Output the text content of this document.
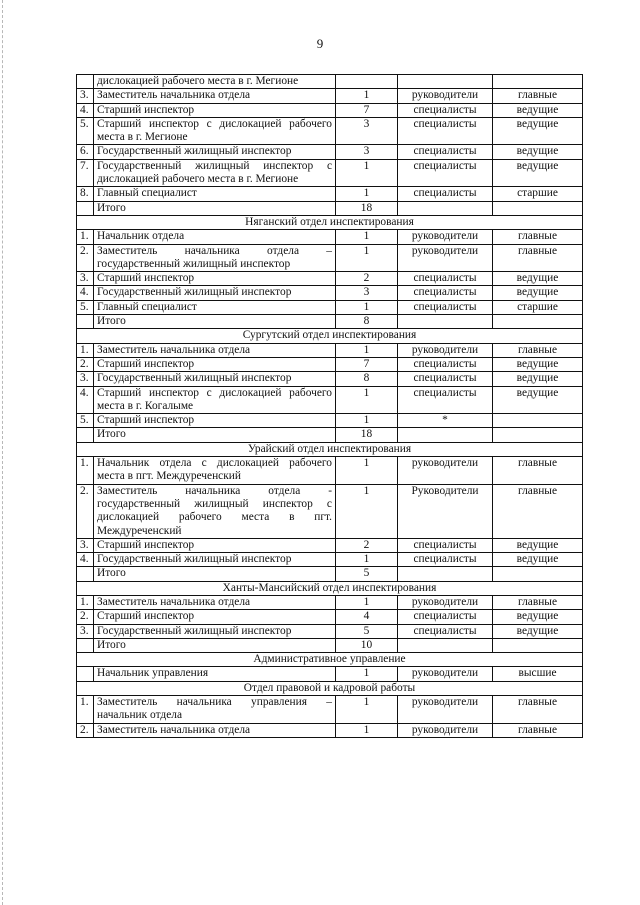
9
	дислокацией рабочего места в г. Мегионе			
3.	Заместитель начальника отдела	1	руководители	главные
4.	Старший инспектор	7	специалисты	ведущие
5.	Старший инспектор с дислокацией рабочего места в г. Мегионе	3	специалисты	ведущие
6.	Государственный жилищный инспектор	3	специалисты	ведущие
7.	Государственный жилищный инспектор с дислокацией рабочего места в г. Мегионе	1	специалисты	ведущие
8.	Главный специалист	1	специалисты	старшие
	Итого	18		
Няганский отдел инспектирования				
1.	Начальник отдела	1	руководители	главные
2.	Заместитель начальника отдела – государственный жилищный инспектор	1	руководители	главные
3.	Старший инспектор	2	специалисты	ведущие
4.	Государственный жилищный инспектор	3	специалисты	ведущие
5.	Главный специалист	1	специалисты	старшие
	Итого	8		
Сургутский отдел инспектирования				
1.	Заместитель начальника отдела	1	руководители	главные
2.	Старший инспектор	7	специалисты	ведущие
3.	Государственный жилищный инспектор	8	специалисты	ведущие
4.	Старший инспектор с дислокацией рабочего места в г. Когалыме	1	специалисты	ведущие
5.	Старший инспектор	1	*	
	Итого	18		
Урайский отдел инспектирования				
1.	Начальник отдела с дислокацией рабочего места в пгт. Междуреченский	1	руководители	главные
2.	Заместитель начальника отдела - государственный жилищный инспектор с дислокацией рабочего места в пгт. Междуреченский	1	Руководители	главные
3.	Старший инспектор	2	специалисты	ведущие
4.	Государственный жилищный инспектор	1	специалисты	ведущие
	Итого	5		
Ханты-Мансийский отдел инспектирования				
1.	Заместитель начальника отдела	1	руководители	главные
2.	Старший инспектор	4	специалисты	ведущие
3.	Государственный жилищный инспектор	5	специалисты	ведущие
	Итого	10		
Административное управление				
	Начальник управления	1	руководители	высшие
Отдел правовой и кадровой работы				
1.	Заместитель начальника управления – начальник отдела	1	руководители	главные
2.	Заместитель начальника отдела	1	руководители	главные
